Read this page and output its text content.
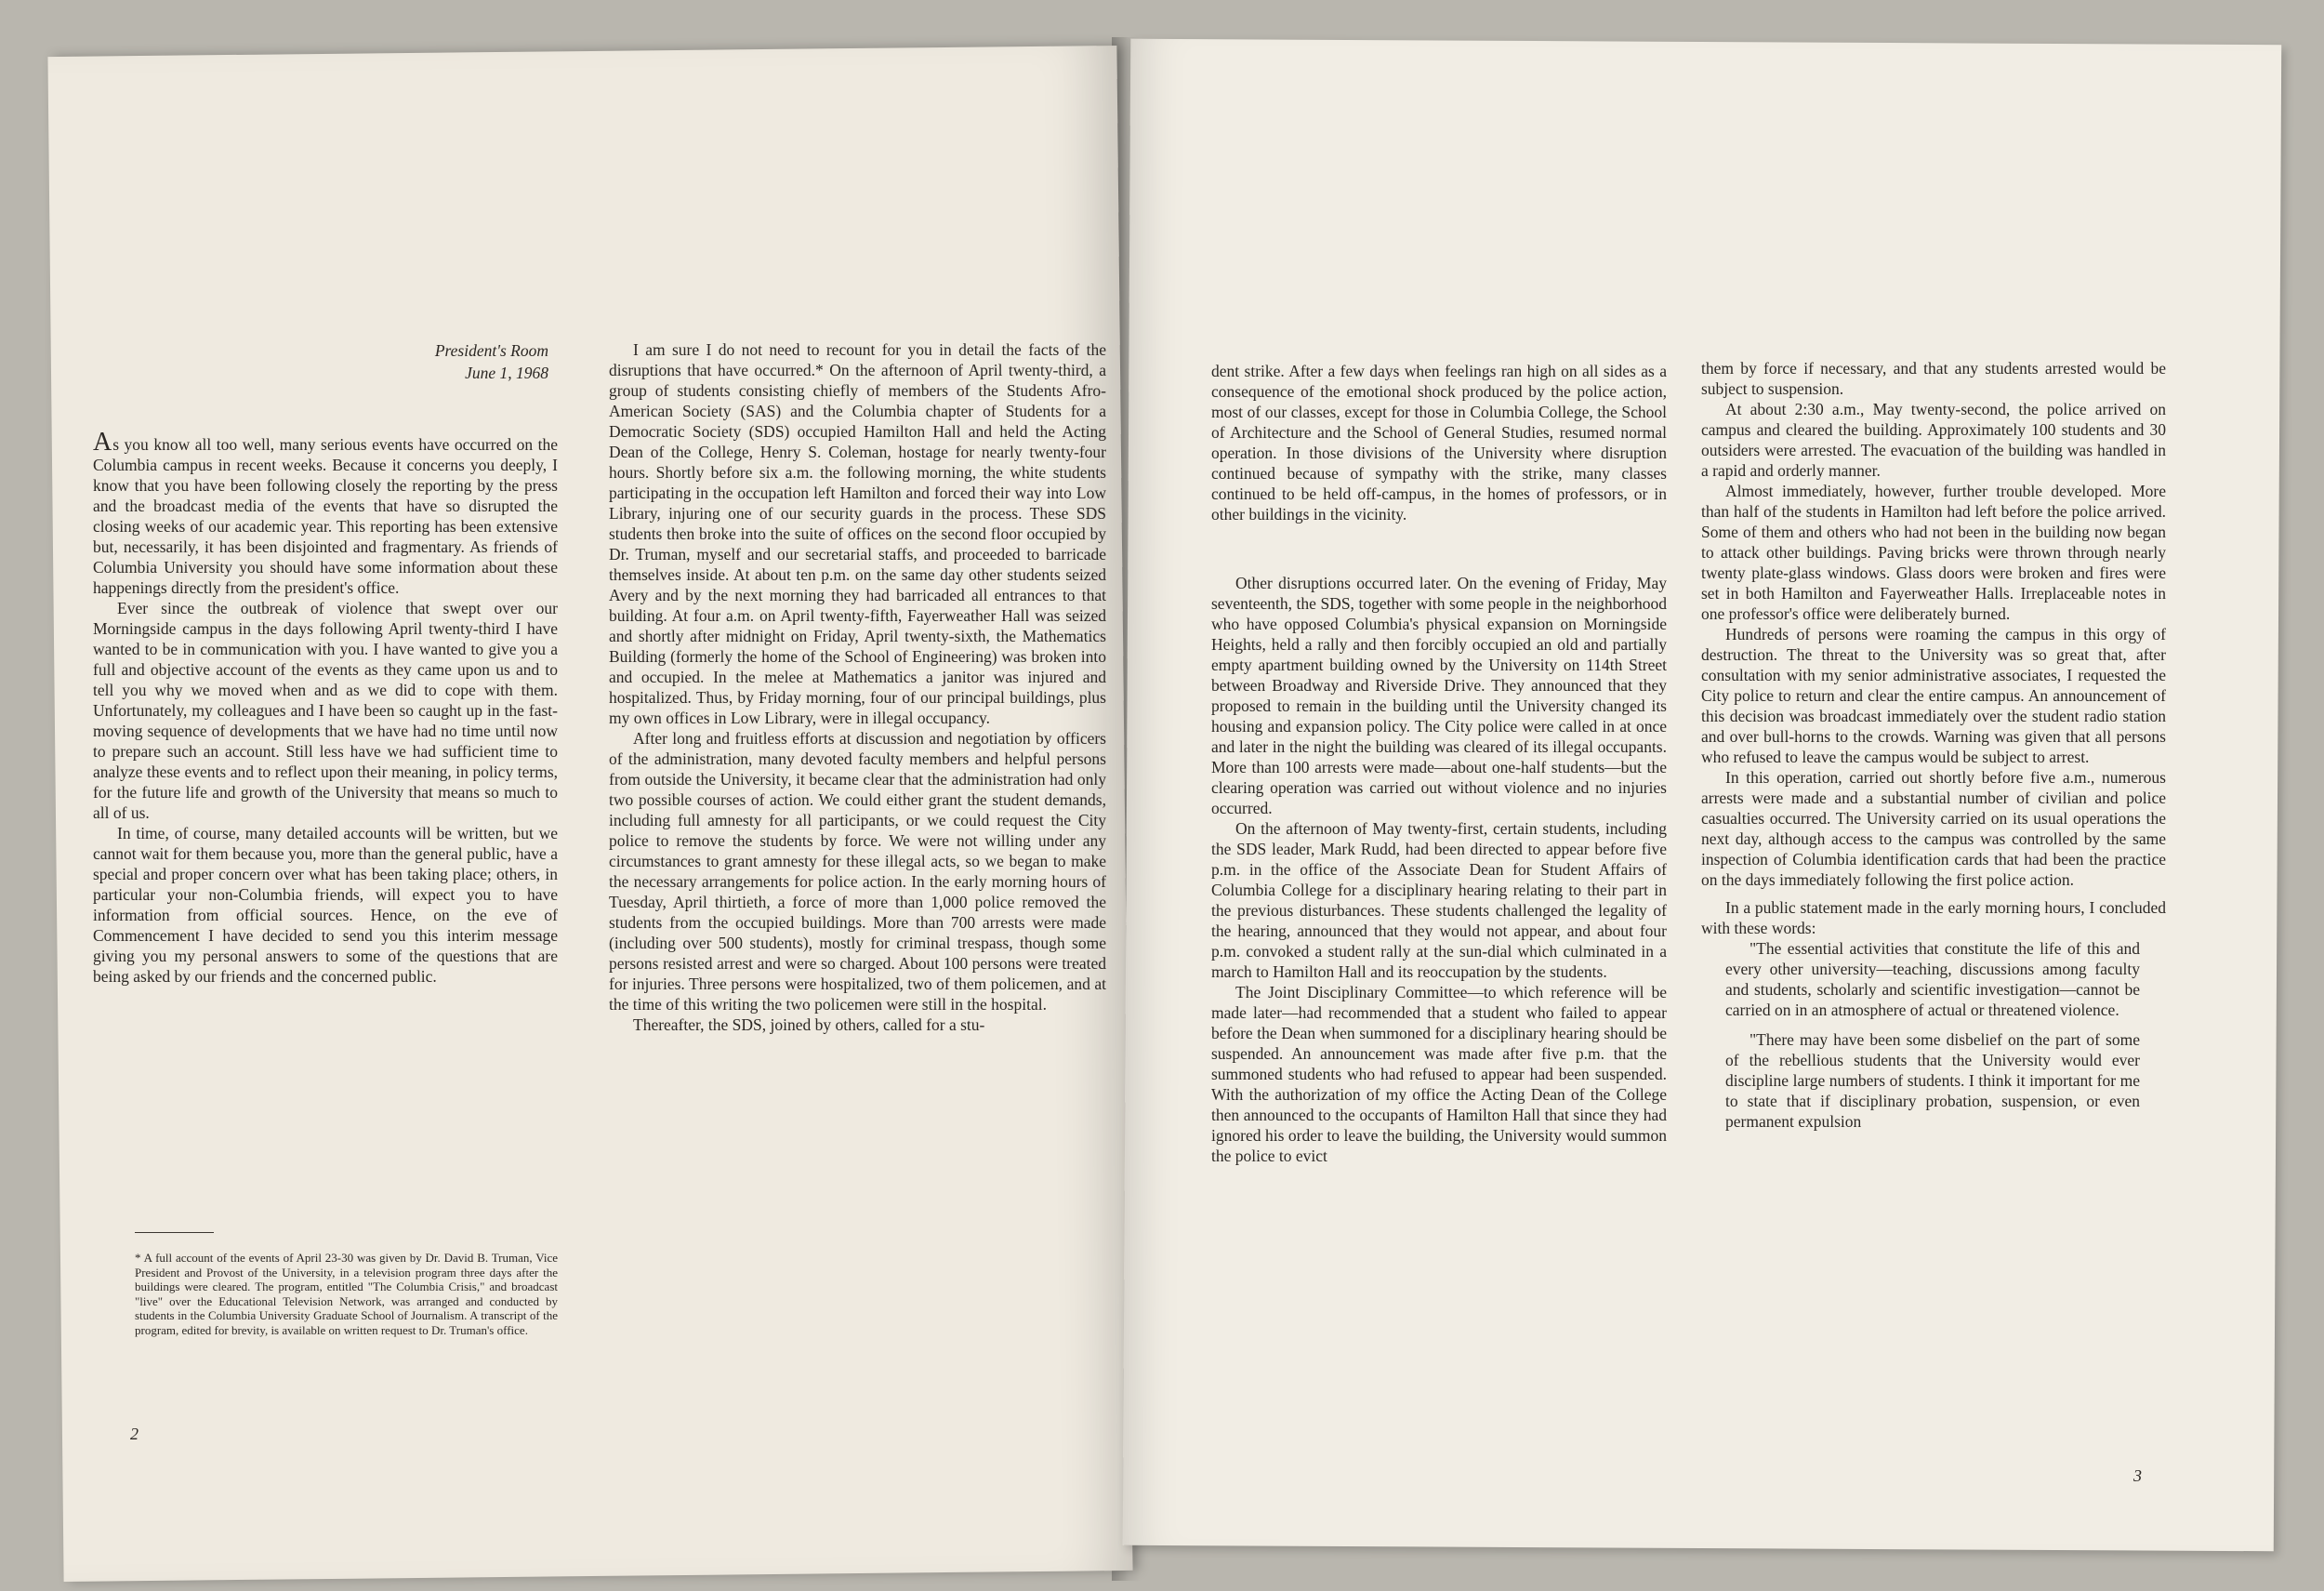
President's Room
June 1, 1968

As you know all too well, many serious events have occurred on the Columbia campus in recent weeks. Because it concerns you deeply, I know that you have been following closely the reporting by the press and the broadcast media of the events that have so disrupted the closing weeks of our academic year. This reporting has been extensive but, necessarily, it has been disjointed and fragmentary. As friends of Columbia University you should have some information about these happenings directly from the president's office.

Ever since the outbreak of violence that swept over our Morningside campus in the days following April twenty-third I have wanted to be in communication with you. I have wanted to give you a full and objective account of the events as they came upon us and to tell you why we moved when and as we did to cope with them. Unfortunately, my colleagues and I have been so caught up in the fast-moving sequence of developments that we have had no time until now to prepare such an account. Still less have we had sufficient time to analyze these events and to reflect upon their meaning, in policy terms, for the future life and growth of the University that means so much to all of us.

In time, of course, many detailed accounts will be written, but we cannot wait for them because you, more than the general public, have a special and proper concern over what has been taking place; others, in particular your non-Columbia friends, will expect you to have information from official sources. Hence, on the eve of Commencement I have decided to send you this interim message giving you my personal answers to some of the questions that are being asked by our friends and the concerned public.

* A full account of the events of April 23-30 was given by Dr. David B. Truman, Vice President and Provost of the University, in a television program three days after the buildings were cleared. The program, entitled "The Columbia Crisis," and broadcast "live" over the Educational Television Network, was arranged and conducted by students in the Columbia University Graduate School of Journalism. A transcript of the program, edited for brevity, is available on written request to Dr. Truman's office.

I am sure I do not need to recount for you in detail the facts of the disruptions that have occurred.* On the afternoon of April twenty-third, a group of students consisting chiefly of members of the Students Afro-American Society (SAS) and the Columbia chapter of Students for a Democratic Society (SDS) occupied Hamilton Hall and held the Acting Dean of the College, Henry S. Coleman, hostage for nearly twenty-four hours. Shortly before six a.m. the following morning, the white students participating in the occupation left Hamilton and forced their way into Low Library, injuring one of our security guards in the process. These SDS students then broke into the suite of offices on the second floor occupied by Dr. Truman, myself and our secretarial staffs, and proceeded to barricade themselves inside. At about ten p.m. on the same day other students seized Avery and by the next morning they had barricaded all entrances to that building. At four a.m. on April twenty-fifth, Fayerweather Hall was seized and shortly after midnight on Friday, April twenty-sixth, the Mathematics Building (formerly the home of the School of Engineering) was broken into and occupied. In the melee at Mathematics a janitor was injured and hospitalized. Thus, by Friday morning, four of our principal buildings, plus my own offices in Low Library, were in illegal occupancy.

After long and fruitless efforts at discussion and negotiation by officers of the administration, many devoted faculty members and helpful persons from outside the University, it became clear that the administration had only two possible courses of action. We could either grant the student demands, including full amnesty for all participants, or we could request the City police to remove the students by force. We were not willing under any circumstances to grant amnesty for these illegal acts, so we began to make the necessary arrangements for police action. In the early morning hours of Tuesday, April thirtieth, a force of more than 1,000 police removed the students from the occupied buildings. More than 700 arrests were made (including over 500 students), mostly for criminal trespass, though some persons resisted arrest and were so charged. About 100 persons were treated for injuries. Three persons were hospitalized, two of them policemen, and at the time of this writing the two policemen were still in the hospital.

Thereafter, the SDS, joined by others, called for a stu-

2

dent strike. After a few days when feelings ran high on all sides as a consequence of the emotional shock produced by the police action, most of our classes, except for those in Columbia College, the School of Architecture and the School of General Studies, resumed normal operation. In those divisions of the University where disruption continued because of sympathy with the strike, many classes continued to be held off-campus, in the homes of professors, or in other buildings in the vicinity.

Other disruptions occurred later. On the evening of Friday, May seventeenth, the SDS, together with some people in the neighborhood who have opposed Columbia's physical expansion on Morningside Heights, held a rally and then forcibly occupied an old and partially empty apartment building owned by the University on 114th Street between Broadway and Riverside Drive. They announced that they proposed to remain in the building until the University changed its housing and expansion policy. The City police were called in at once and later in the night the building was cleared of its illegal occupants. More than 100 arrests were made—about one-half students—but the clearing operation was carried out without violence and no injuries occurred.

On the afternoon of May twenty-first, certain students, including the SDS leader, Mark Rudd, had been directed to appear before five p.m. in the office of the Associate Dean for Student Affairs of Columbia College for a disciplinary hearing relating to their part in the previous disturbances. These students challenged the legality of the hearing, announced that they would not appear, and about four p.m. convoked a student rally at the sun-dial which culminated in a march to Hamilton Hall and its reoccupation by the students.

The Joint Disciplinary Committee—to which reference will be made later—had recommended that a student who failed to appear before the Dean when summoned for a disciplinary hearing should be suspended. An announcement was made after five p.m. that the summoned students who had refused to appear had been suspended. With the authorization of my office the Acting Dean of the College then announced to the occupants of Hamilton Hall that since they had ignored his order to leave the building, the University would summon the police to evict

them by force if necessary, and that any students arrested would be subject to suspension.

At about 2:30 a.m., May twenty-second, the police arrived on campus and cleared the building. Approximately 100 students and 30 outsiders were arrested. The evacuation of the building was handled in a rapid and orderly manner.

Almost immediately, however, further trouble developed. More than half of the students in Hamilton had left before the police arrived. Some of them and others who had not been in the building now began to attack other buildings. Paving bricks were thrown through nearly twenty plate-glass windows. Glass doors were broken and fires were set in both Hamilton and Fayerweather Halls. Irreplaceable notes in one professor's office were deliberately burned.

Hundreds of persons were roaming the campus in this orgy of destruction. The threat to the University was so great that, after consultation with my senior administrative associates, I requested the City police to return and clear the entire campus. An announcement of this decision was broadcast immediately over the student radio station and over bull-horns to the crowds. Warning was given that all persons who refused to leave the campus would be subject to arrest.

In this operation, carried out shortly before five a.m., numerous arrests were made and a substantial number of civilian and police casualties occurred. The University carried on its usual operations the next day, although access to the campus was controlled by the same inspection of Columbia identification cards that had been the practice on the days immediately following the first police action.

In a public statement made in the early morning hours, I concluded with these words:

"The essential activities that constitute the life of this and every other university—teaching, discussions among faculty and students, scholarly and scientific investigation—cannot be carried on in an atmosphere of actual or threatened violence.

"There may have been some disbelief on the part of some of the rebellious students that the University would ever discipline large numbers of students. I think it important for me to state that if disciplinary probation, suspension, or even permanent expulsion

3
